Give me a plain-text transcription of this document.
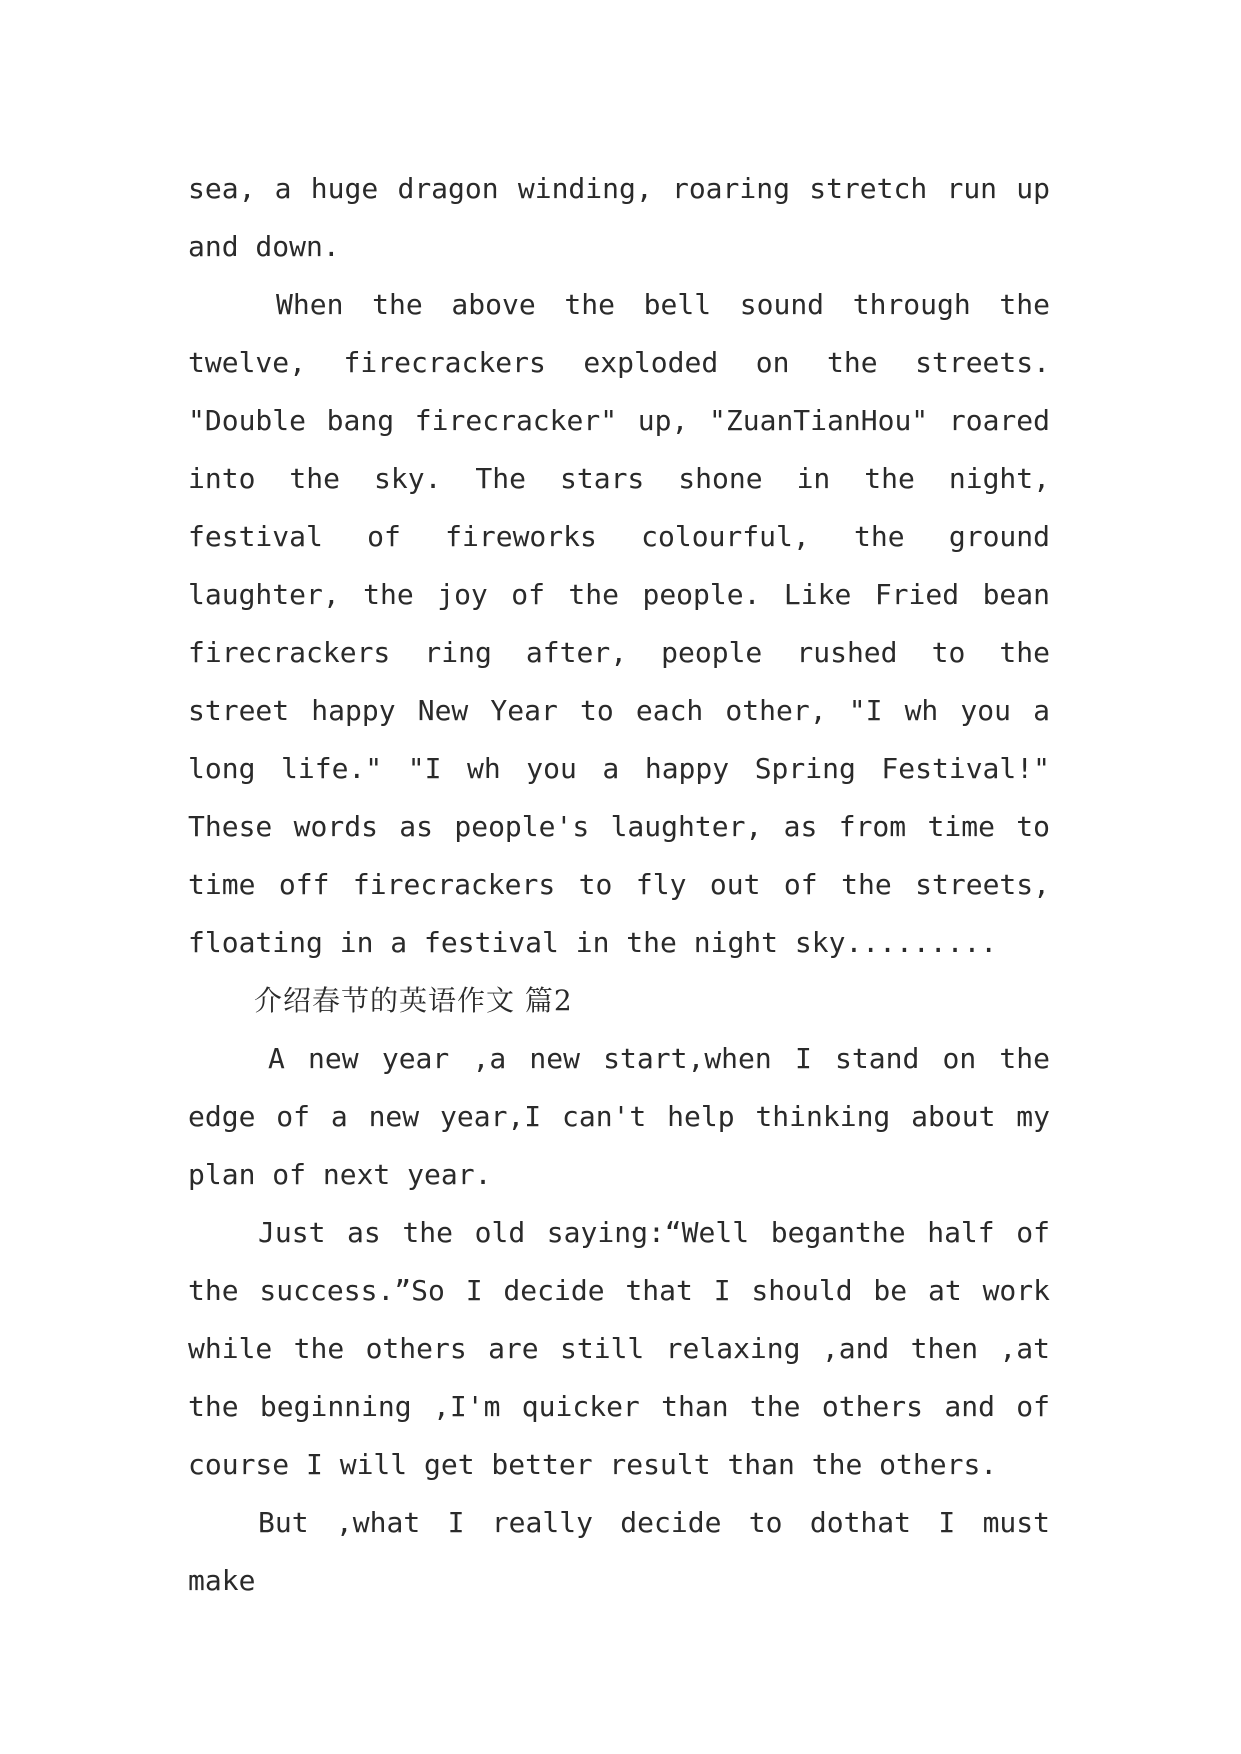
sea, a huge dragon winding, roaring stretch run up and down.

When the above the bell sound through the twelve, firecrackers exploded on the streets. "Double bang firecracker" up, "ZuanTianHou" roared into the sky. The stars shone in the night, festival of fireworks colourful, the ground laughter, the joy of the people. Like Fried bean firecrackers ring after, people rushed to the street happy New Year to each other, "I wh you a long life." "I wh you a happy Spring Festival!" These words as people's laughter, as from time to time off firecrackers to fly out of the streets, floating in a festival in the night sky.........

介绍春节的英语作文 篇2

A new year ,a new start,when I stand on the edge of a new year,I can't help thinking about my plan of next year.

Just as the old saying:“Well beganthe half of the success.”So I decide that I should be at work while the others are still relaxing ,and then ,at the beginning ,I'm quicker than the others and of course I will get better result than the others.

But ,what I really decide to dothat I must make
